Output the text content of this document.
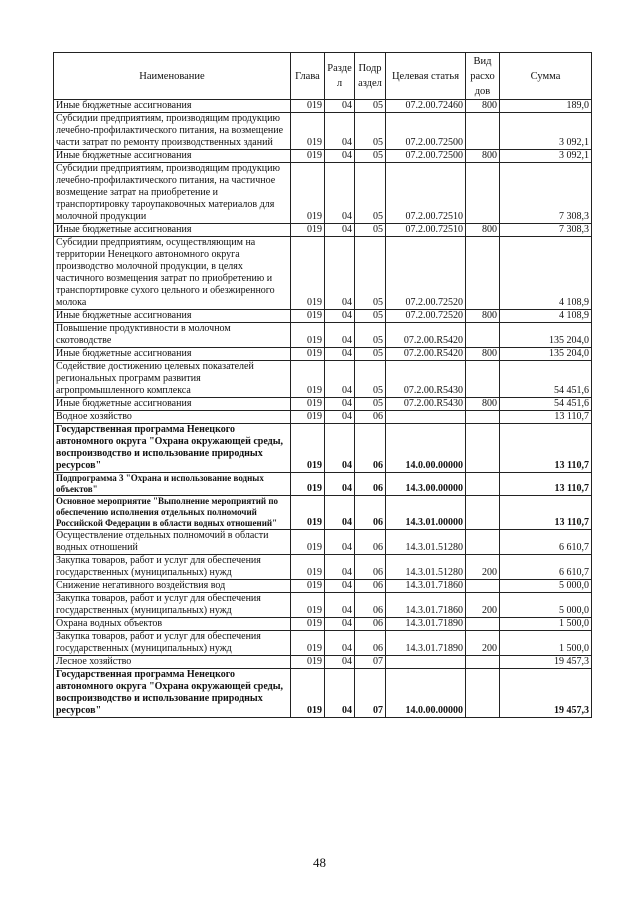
Наименование	Глава	Разде л	Подр аздел	Целевая статья	Вид расхо дов	Сумма
Иные бюджетные ассигнования	019	04	05	07.2.00.72460	800	189,0
Субсидии предприятиям, производящим продукцию лечебно-профилактического питания, на возмещение части затрат по ремонту производственных зданий	019	04	05	07.2.00.72500		3 092,1
Иные бюджетные ассигнования	019	04	05	07.2.00.72500	800	3 092,1
Субсидии предприятиям, производящим продукцию лечебно-профилактического питания, на частичное возмещение затрат на приобретение и транспортировку тароупаковочных материалов для молочной продукции	019	04	05	07.2.00.72510		7 308,3
Иные бюджетные ассигнования	019	04	05	07.2.00.72510	800	7 308,3
Субсидии предприятиям, осуществляющим на территории Ненецкого автономного округа производство молочной продукции, в целях частичного возмещения затрат по приобретению и транспортировке сухого цельного и обезжиренного молока	019	04	05	07.2.00.72520		4 108,9
Иные бюджетные ассигнования	019	04	05	07.2.00.72520	800	4 108,9
Повышение продуктивности в молочном скотоводстве	019	04	05	07.2.00.R5420		135 204,0
Иные бюджетные ассигнования	019	04	05	07.2.00.R5420	800	135 204,0
Содействие достижению целевых показателей региональных программ развития агропромышленного комплекса	019	04	05	07.2.00.R5430		54 451,6
Иные бюджетные ассигнования	019	04	05	07.2.00.R5430	800	54 451,6
Водное хозяйство	019	04	06			13 110,7
Государственная программа Ненецкого автономного округа "Охрана окружающей среды, воспроизводство и использование природных ресурсов"	019	04	06	14.0.00.00000		13 110,7
Подпрограмма 3 "Охрана и использование водных объектов"	019	04	06	14.3.00.00000		13 110,7
Основное мероприятие "Выполнение мероприятий по обеспечению исполнения отдельных полномочий Российской Федерации в области водных отношений"	019	04	06	14.3.01.00000		13 110,7
Осуществление отдельных полномочий в области водных отношений	019	04	06	14.3.01.51280		6 610,7
Закупка товаров, работ и услуг для обеспечения государственных (муниципальных) нужд	019	04	06	14.3.01.51280	200	6 610,7
Снижение негативного воздействия вод	019	04	06	14.3.01.71860		5 000,0
Закупка товаров, работ и услуг для обеспечения государственных (муниципальных) нужд	019	04	06	14.3.01.71860	200	5 000,0
Охрана водных объектов	019	04	06	14.3.01.71890		1 500,0
Закупка товаров, работ и услуг для обеспечения государственных (муниципальных) нужд	019	04	06	14.3.01.71890	200	1 500,0
Лесное хозяйство	019	04	07			19 457,3
Государственная программа Ненецкого автономного округа "Охрана окружающей среды, воспроизводство и использование природных ресурсов"	019	04	07	14.0.00.00000		19 457,3
48
